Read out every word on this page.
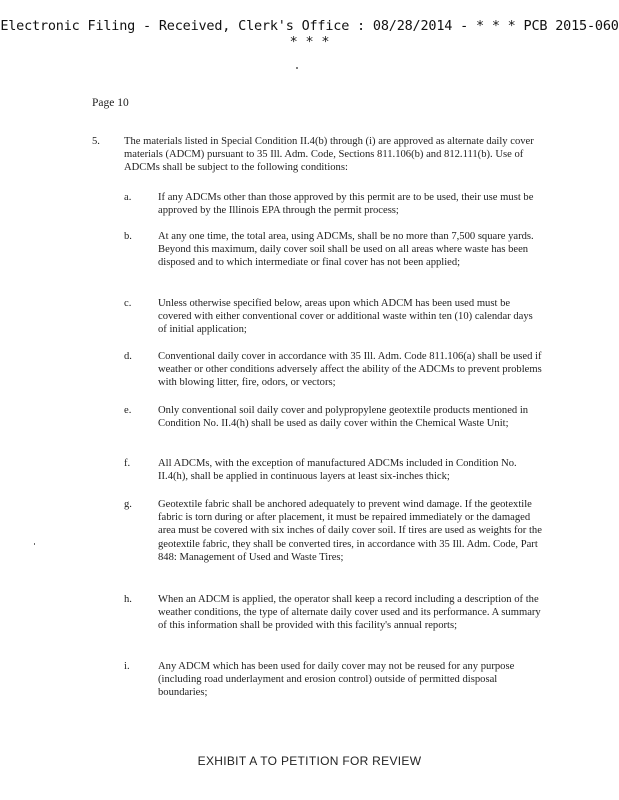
Electronic Filing - Received, Clerk's Office : 08/28/2014 - * * * PCB 2015-060 * * *
Page 10
5. The materials listed in Special Condition II.4(b) through (i) are approved as alternate daily cover materials (ADCM) pursuant to 35 Ill. Adm. Code, Sections 811.106(b) and 812.111(b). Use of ADCMs shall be subject to the following conditions:
a.	If any ADCMs other than those approved by this permit are to be used, their use must be approved by the Illinois EPA through the permit process;
b. At any one time, the total area, using ADCMs, shall be no more than 7,500 square yards. Beyond this maximum, daily cover soil shall be used on all areas where waste has been disposed and to which intermediate or final cover has not been applied;
c.	Unless otherwise specified below, areas upon which ADCM has been used must be covered with either conventional cover or additional waste within ten (10) calendar days of initial application;
d. Conventional daily cover in accordance with 35 Ill. Adm. Code 811.106(a) shall be used if weather or other conditions adversely affect the ability of the ADCMs to prevent problems with blowing litter, fire, odors, or vectors;
e.	Only conventional soil daily cover and polypropylene geotextile products mentioned in Condition No. II.4(h) shall be used as daily cover within the Chemical Waste Unit;
f.	All ADCMs, with the exception of manufactured ADCMs included in Condition No. II.4(h), shall be applied in continuous layers at least six-inches thick;
g. Geotextile fabric shall be anchored adequately to prevent wind damage. If the geotextile fabric is torn during or after placement, it must be repaired immediately or the damaged area must be covered with six inches of daily cover soil. If tires are used as weights for the geotextile fabric, they shall be converted tires, in accordance with 35 Ill. Adm. Code, Part 848: Management of Used and Waste Tires;
h. When an ADCM is applied, the operator shall keep a record including a description of the weather conditions, the type of alternate daily cover used and its performance. A summary of this information shall be provided with this facility's annual reports;
i.	Any ADCM which has been used for daily cover may not be reused for any purpose (including road underlayment and erosion control) outside of permitted disposal boundaries;
EXHIBIT A TO PETITION FOR REVIEW
